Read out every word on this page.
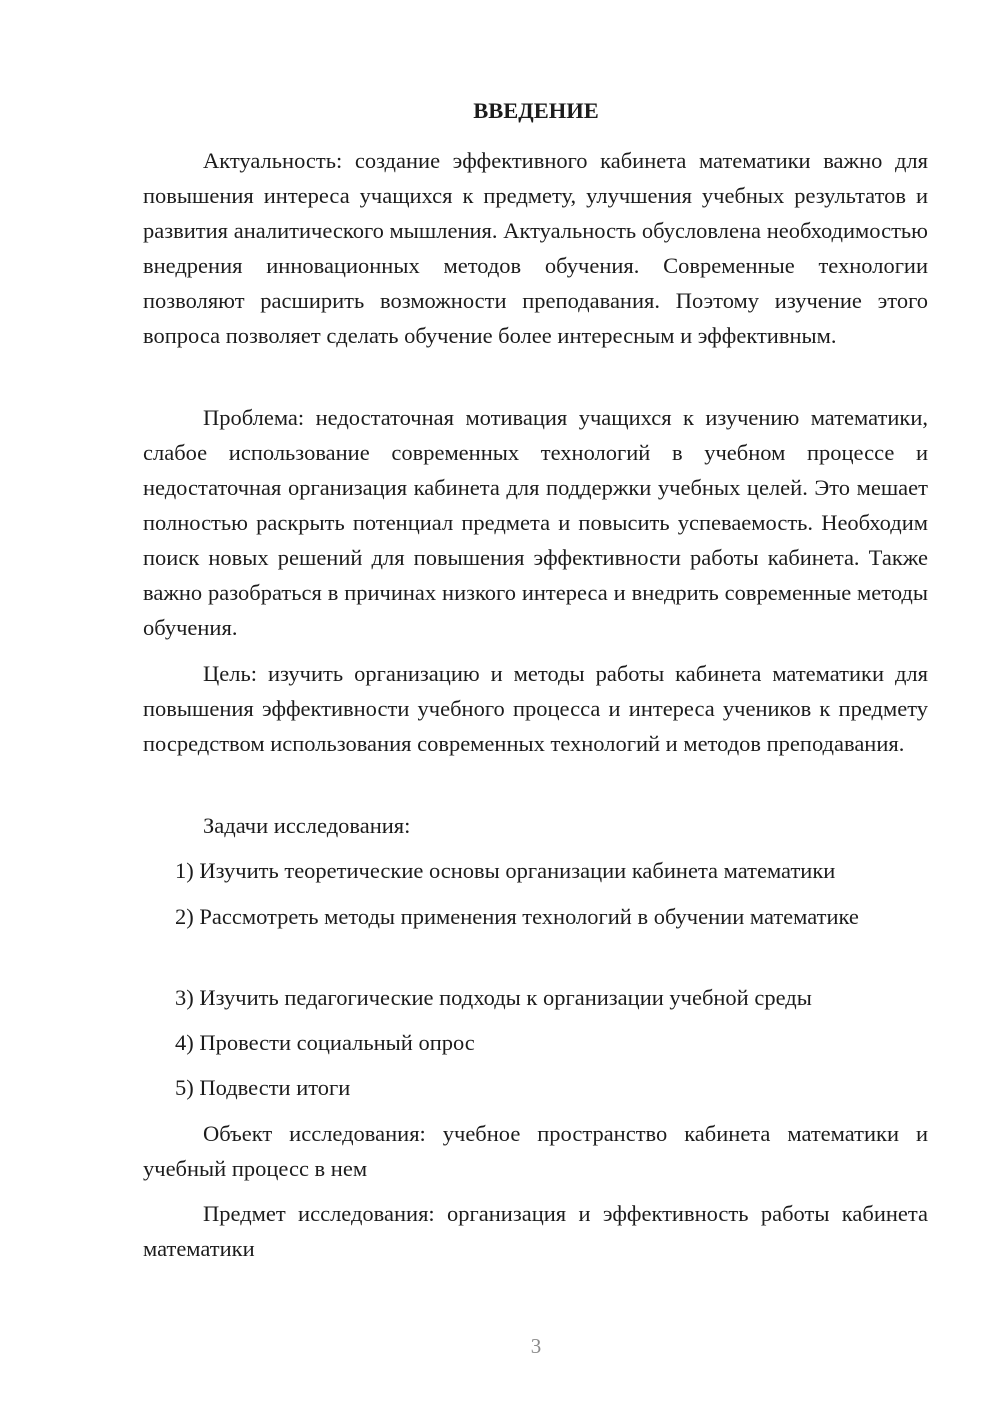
ВВЕДЕНИЕ

Актуальность: создание эффективного кабинета математики важно для повышения интереса учащихся к предмету, улучшения учебных результатов и развития аналитического мышления. Актуальность обусловлена необходимостью внедрения инновационных методов обучения. Современные технологии позволяют расширить возможности преподавания. Поэтому изучение этого вопроса позволяет сделать обучение более интересным и эффективным.

Проблема: недостаточная мотивация учащихся к изучению математики, слабое использование современных технологий в учебном процессе и недостаточная организация кабинета для поддержки учебных целей. Это мешает полностью раскрыть потенциал предмета и повысить успеваемость. Необходим поиск новых решений для повышения эффективности работы кабинета. Также важно разобраться в причинах низкого интереса и внедрить современные методы обучения.

Цель: изучить организацию и методы работы кабинета математики для повышения эффективности учебного процесса и интереса учеников к предмету посредством использования современных технологий и методов преподавания.

Задачи исследования:

1) Изучить теоретические основы организации кабинета математики

2) Рассмотреть методы применения технологий в обучении математике

3) Изучить педагогические подходы к организации учебной среды

4) Провести социальный опрос

5) Подвести итоги

Объект исследования: учебное пространство кабинета математики и учебный процесс в нем

Предмет исследования: организация и эффективность работы кабинета математики

3
